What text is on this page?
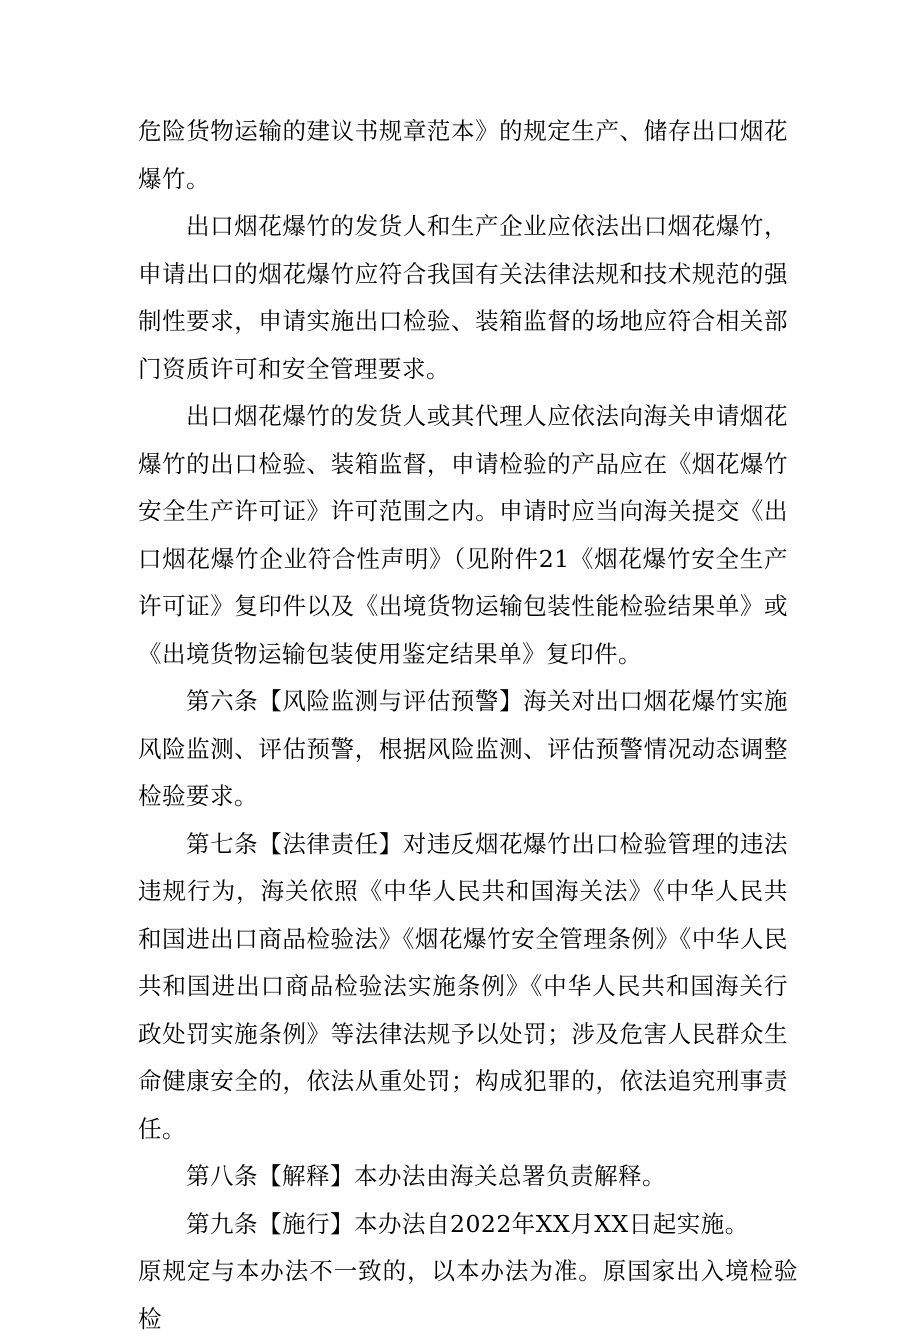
危险货物运输的建议书规章范本》的规定生产、储存出口烟花爆竹。

出口烟花爆竹的发货人和生产企业应依法出口烟花爆竹，申请出口的烟花爆竹应符合我国有关法律法规和技术规范的强制性要求，申请实施出口检验、装箱监督的场地应符合相关部门资质许可和安全管理要求。

出口烟花爆竹的发货人或其代理人应依法向海关申请烟花爆竹的出口检验、装箱监督，申请检验的产品应在《烟花爆竹安全生产许可证》许可范围之内。申请时应当向海关提交《出口烟花爆竹企业符合性声明》（见附件21《烟花爆竹安全生产许可证》复印件以及《出境货物运输包装性能检验结果单》或《出境货物运输包装使用鉴定结果单》复印件。

第六条【风险监测与评估预警】海关对出口烟花爆竹实施风险监测、评估预警，根据风险监测、评估预警情况动态调整检验要求。

第七条【法律责任】对违反烟花爆竹出口检验管理的违法违规行为，海关依照《中华人民共和国海关法》《中华人民共和国进出口商品检验法》《烟花爆竹安全管理条例》《中华人民共和国进出口商品检验法实施条例》《中华人民共和国海关行政处罚实施条例》等法律法规予以处罚；涉及危害人民群众生命健康安全的，依法从重处罚；构成犯罪的，依法追究刑事责任。

第八条【解释】本办法由海关总署负责解释。

第九条【施行】本办法自2022年XX月XX日起实施。

原规定与本办法不一致的，以本办法为准。原国家出入境检验检
